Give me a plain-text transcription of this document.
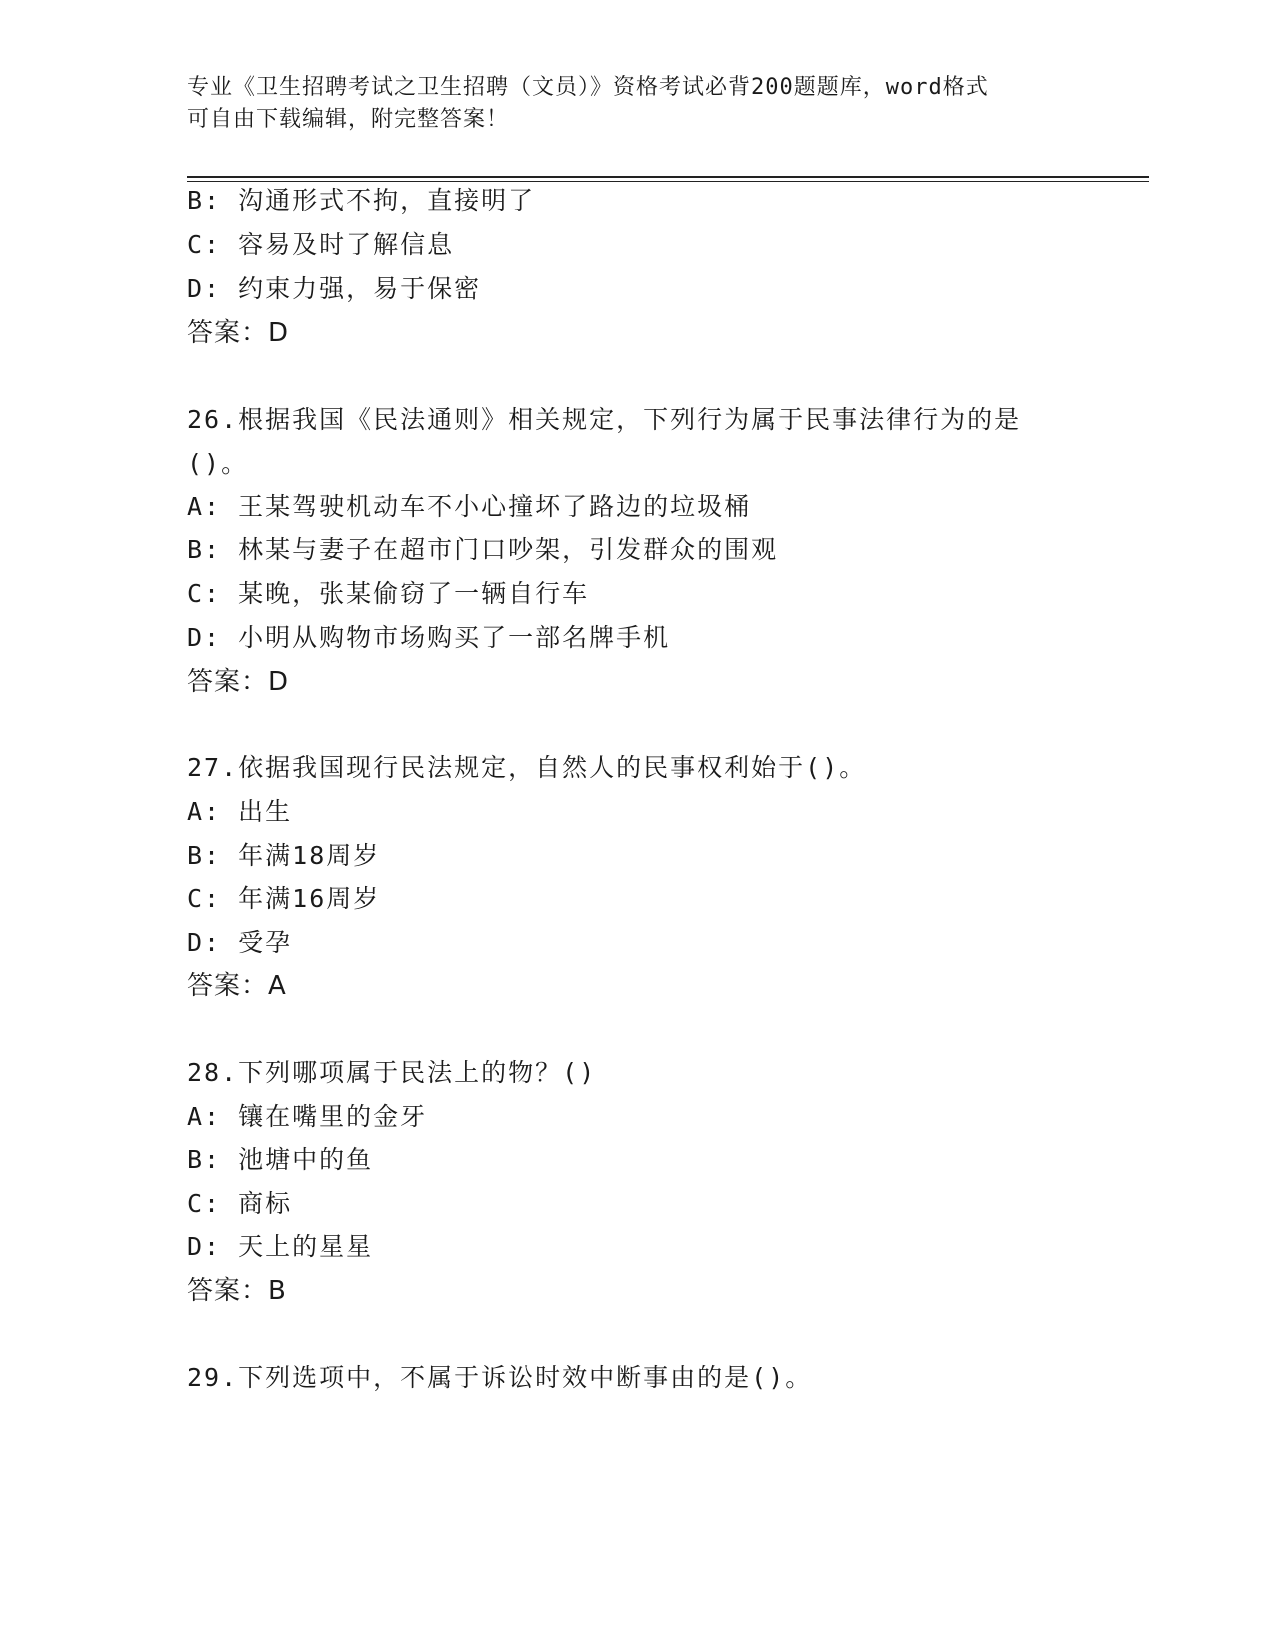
专业《卫生招聘考试之卫生招聘（文员）》资格考试必背200题题库，word格式
可自由下载编辑，附完整答案！
B: 沟通形式不拘，直接明了
C: 容易及时了解信息
D: 约束力强，易于保密
答案：D
26.根据我国《民法通则》相关规定，下列行为属于民事法律行为的是
()。
A: 王某驾驶机动车不小心撞坏了路边的垃圾桶
B: 林某与妻子在超市门口吵架，引发群众的围观
C: 某晚，张某偷窃了一辆自行车
D: 小明从购物市场购买了一部名牌手机
答案：D
27.依据我国现行民法规定，自然人的民事权利始于()。
A: 出生
B: 年满18周岁
C: 年满16周岁
D: 受孕
答案：A
28.下列哪项属于民法上的物？()
A: 镶在嘴里的金牙
B: 池塘中的鱼
C: 商标
D: 天上的星星
答案：B
29.下列选项中，不属于诉讼时效中断事由的是()。
